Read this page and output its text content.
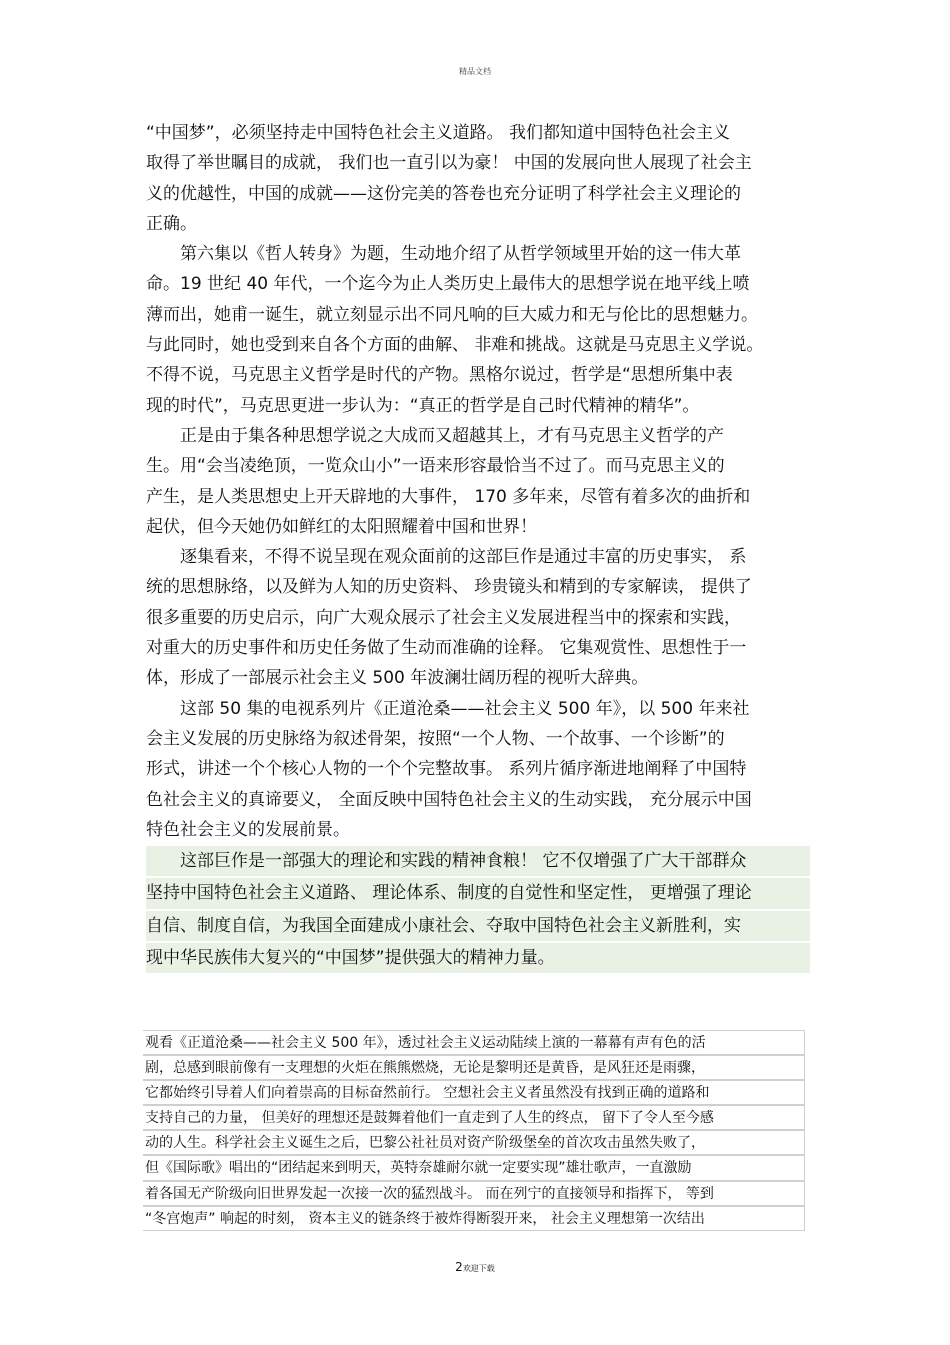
精品文档
“中国梦”，必须坚持走中国特色社会主义道路。 我们都知道中国特色社会主义
取得了举世瞩目的成就， 我们也一直引以为豪！ 中国的发展向世人展现了社会主
义的优越性，中国的成就——这份完美的答卷也充分证明了科学社会主义理论的
正确。
　　第六集以《哲人转身》为题，生动地介绍了从哲学领域里开始的这一伟大革
命。19 世纪 40 年代，一个迄今为止人类历史上最伟大的思想学说在地平线上喷
薄而出，她甫一诞生，就立刻显示出不同凡响的巨大威力和无与伦比的思想魅力。
与此同时，她也受到来自各个方面的曲解、 非难和挑战。这就是马克思主义学说。
不得不说，马克思主义哲学是时代的产物。黑格尔说过，哲学是“思想所集中表
现的时代”，马克思更进一步认为：“真正的哲学是自己时代精神的精华”。
　　正是由于集各种思想学说之大成而又超越其上，才有马克思主义哲学的产
生。用“会当凌绝顶，一览众山小”一语来形容最恰当不过了。而马克思主义的
产生，是人类思想史上开天辟地的大事件， 170 多年来，尽管有着多次的曲折和
起伏，但今天她仍如鲜红的太阳照耀着中国和世界！
　　逐集看来，不得不说呈现在观众面前的这部巨作是通过丰富的历史事实， 系
统的思想脉络，以及鲜为人知的历史资料、 珍贵镜头和精到的专家解读， 提供了
很多重要的历史启示，向广大观众展示了社会主义发展进程当中的探索和实践，
对重大的历史事件和历史任务做了生动而准确的诠释。 它集观赏性、思想性于一
体，形成了一部展示社会主义 500 年波澜壮阔历程的视听大辞典。
　　这部 50 集的电视系列片《正道沧桑——社会主义 500 年》，以 500 年来社
会主义发展的历史脉络为叙述骨架，按照“一个人物、一个故事、一个诊断”的
形式，讲述一个个核心人物的一个个完整故事。 系列片循序渐进地阐释了中国特
色社会主义的真谛要义， 全面反映中国特色社会主义的生动实践， 充分展示中国
特色社会主义的发展前景。
　　这部巨作是一部强大的理论和实践的精神食粮！ 它不仅增强了广大干部群众
坚持中国特色社会主义道路、 理论体系、制度的自觉性和坚定性， 更增强了理论
自信、制度自信，为我国全面建成小康社会、夺取中国特色社会主义新胜利，实
现中华民族伟大复兴的“中国梦”提供强大的精神力量。
观看《正道沧桑——社会主义 500 年》，透过社会主义运动陆续上演的一幕幕有声有色的活
剧，总感到眼前像有一支理想的火炬在熊熊燃烧，无论是黎明还是黄昏，是风狂还是雨骤，
它都始终引导着人们向着崇高的目标奋然前行。 空想社会主义者虽然没有找到正确的道路和
支持自己的力量， 但美好的理想还是鼓舞着他们一直走到了人生的终点， 留下了令人至今感
动的人生。科学社会主义诞生之后，巴黎公社社员对资产阶级堡垒的首次攻击虽然失败了，
但《国际歌》唱出的“团结起来到明天，英特奈雄耐尔就一定要实现”雄壮歌声，一直激励
着各国无产阶级向旧世界发起一次接一次的猛烈战斗。 而在列宁的直接领导和指挥下， 等到
“冬宫炮声” 响起的时刻， 资本主义的链条终于被炸得断裂开来， 社会主义理想第一次结出
2欢迎下载
